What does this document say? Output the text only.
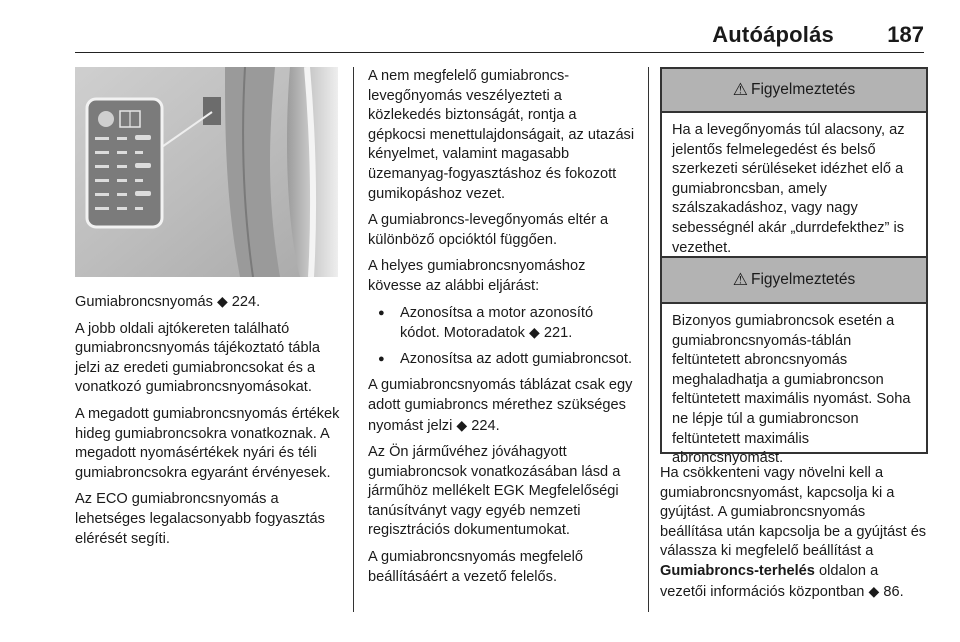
Autóápolás 187

Gumiabroncsnyomás ◆ 224.

A jobb oldali ajtókereten található gumiabroncsnyomás tájékoztató tábla jelzi az eredeti gumiabroncsokat és a vonatkozó gumiabroncsnyomásokat.

A megadott gumiabroncsnyomás értékek hideg gumiabroncsokra vonatkoznak. A megadott nyomásértékek nyári és téli gumiabroncsokra egyaránt érvényesek.

Az ECO gumiabroncsnyomás a lehetséges legalacsonyabb fogyasztás elérését segíti.

A nem megfelelő gumiabroncs-levegőnyomás veszélyezteti a közlekedés biztonságát, rontja a gépkocsi menettulajdonságait, az utazási kényelmet, valamint magasabb üzemanyag-fogyasztáshoz és fokozott gumikopáshoz vezet.

A gumiabroncs-levegőnyomás eltér a különböző opcióktól függően.

A helyes gumiabroncsnyomáshoz kövesse az alábbi eljárást:

● Azonosítsa a motor azonosító kódot. Motoradatok ◆ 221.
● Azonosítsa az adott gumiabroncsot.

A gumiabroncsnyomás táblázat csak egy adott gumiabroncs mérethez szükséges nyomást jelzi ◆ 224.

Az Ön járművéhez jóváhagyott gumiabroncsok vonatkozásában lásd a járműhöz mellékelt EGK Megfelelőségi tanúsítványt vagy egyéb nemzeti regisztrációs dokumentumokat.

A gumiabroncsnyomás megfelelő beállításáért a vezető felelős.

⚠ Figyelmeztetés
Ha a levegőnyomás túl alacsony, az jelentős felmelegedést és belső szerkezeti sérüléseket idézhet elő a gumiabroncsban, amely szálszakadáshoz, vagy nagy sebességnél akár „durrdefekthez” is vezethet.
⚠ Figyelmeztetés
Bizonyos gumiabroncsok esetén a gumiabroncsnyomás-táblán feltüntetett abroncsnyomás meghaladhatja a gumiabroncson feltüntetett maximális nyomást. Soha ne lépje túl a gumiabroncson feltüntetett maximális abroncsnyomást.

Ha csökkenteni vagy növelni kell a gumiabroncsnyomást, kapcsolja ki a gyújtást. A gumiabroncsnyomás beállítása után kapcsolja be a gyújtást és válassza ki megfelelő beállítást a Gumiabroncs-terhelés oldalon a vezetői információs központban ◆ 86.
